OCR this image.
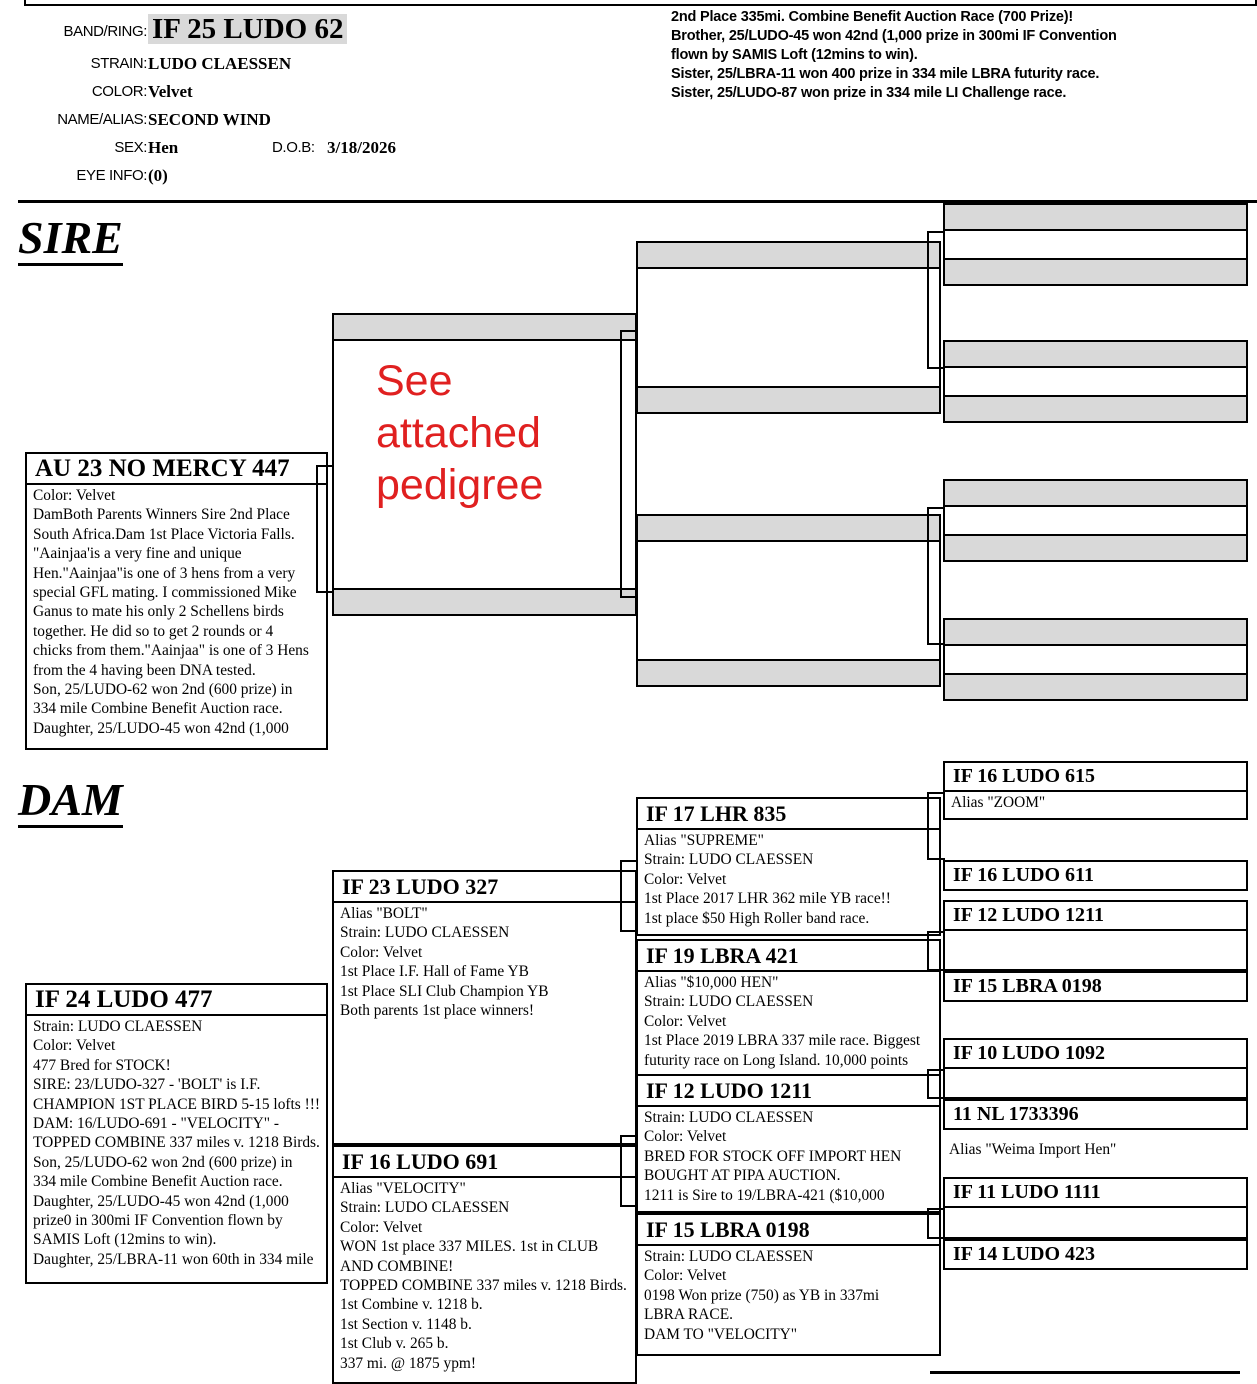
BAND/RING: IF 25 LUDO 62
STRAIN: LUDO CLAESSEN
COLOR: Velvet
NAME/ALIAS: SECOND WIND
SEX: Hen	D.O.B: 3/18/2026
EYE INFO: (0)
2nd Place 335mi. Combine Benefit Auction Race (700 Prize)!
Brother, 25/LUDO-45 won 42nd (1,000 prize in 300mi IF Convention
flown by SAMIS Loft (12mins to win).
Sister, 25/LBRA-11 won 400 prize in 334 mile LBRA futurity race.
Sister, 25/LUDO-87 won prize in 334 mile LI Challenge race.
SIRE
See attached pedigree
AU 23 NO MERCY 447
Color: Velvet
DamBoth Parents Winners Sire 2nd Place
South Africa.Dam 1st Place Victoria Falls.
"Aainjaa'is a very fine and unique
Hen."Aainjaa"is one of 3 hens from a very
special GFL mating. I commissioned Mike
Ganus to mate his only 2 Schellens birds
together. He did so to get 2 rounds or 4
chicks from them."Aainjaa" is one of 3 Hens
from the 4 having been DNA tested.
Son, 25/LUDO-62 won 2nd (600 prize) in
334 mile Combine Benefit Auction race.
Daughter, 25/LUDO-45 won 42nd (1,000
DAM
IF 24 LUDO 477
Strain: LUDO CLAESSEN
Color: Velvet
477 Bred for STOCK!
SIRE: 23/LUDO-327 - 'BOLT' is I.F.
CHAMPION 1ST PLACE BIRD 5-15 lofts !!!
DAM: 16/LUDO-691 - "VELOCITY" -
TOPPED COMBINE 337 miles v. 1218 Birds.
Son, 25/LUDO-62 won 2nd (600 prize) in
334 mile Combine Benefit Auction race.
Daughter, 25/LUDO-45 won 42nd (1,000
prize0 in 300mi IF Convention flown by
SAMIS Loft (12mins to win).
Daughter, 25/LBRA-11 won 60th in 334 mile
IF 23 LUDO 327
Alias "BOLT"
Strain: LUDO CLAESSEN
Color: Velvet
1st Place I.F. Hall of Fame YB
1st Place SLI Club Champion YB
Both parents 1st place winners!
IF 16 LUDO 691
Alias "VELOCITY"
Strain: LUDO CLAESSEN
Color: Velvet
WON 1st place 337 MILES. 1st in CLUB
AND COMBINE!
TOPPED COMBINE 337 miles v. 1218 Birds.
1st Combine v. 1218 b.
1st Section v. 1148 b.
1st Club v. 265 b.
337 mi. @ 1875 ypm!
IF 17 LHR 835
Alias "SUPREME"
Strain: LUDO CLAESSEN
Color: Velvet
1st Place 2017 LHR 362 mile YB race!!
1st place $50 High Roller band race.
IF 19 LBRA 421
Alias "$10,000 HEN"
Strain: LUDO CLAESSEN
Color: Velvet
1st Place 2019 LBRA 337 mile race. Biggest
futurity race on Long Island. 10,000 points
IF 12 LUDO 1211
Strain: LUDO CLAESSEN
Color: Velvet
BRED FOR STOCK OFF IMPORT HEN
BOUGHT AT PIPA AUCTION.
1211 is Sire to 19/LBRA-421 ($10,000
IF 15 LBRA 0198
Strain: LUDO CLAESSEN
Color: Velvet
0198 Won prize (750) as YB in 337mi
LBRA RACE.
DAM TO "VELOCITY"
IF 16 LUDO 615
Alias "ZOOM"
IF 16 LUDO 611
IF 12 LUDO 1211
IF 15 LBRA 0198
IF 10 LUDO 1092
11 NL 1733396
Alias "Weima Import Hen"
IF 11 LUDO 1111
IF 14 LUDO 423
